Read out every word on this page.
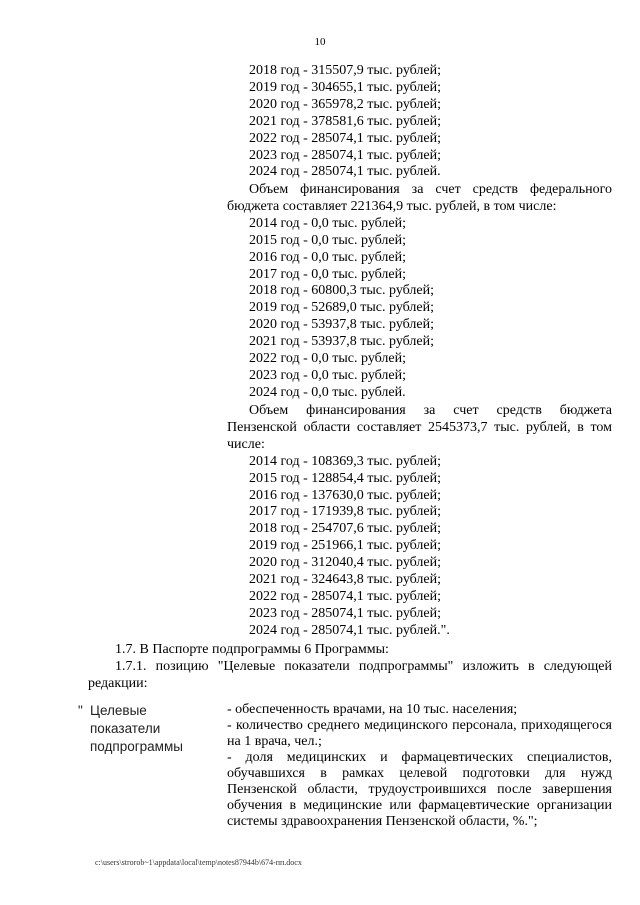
10
2018 год - 315507,9 тыс. рублей;
2019 год - 304655,1 тыс. рублей;
2020 год - 365978,2 тыс. рублей;
2021 год - 378581,6 тыс. рублей;
2022 год - 285074,1 тыс. рублей;
2023 год - 285074,1 тыс. рублей;
2024 год - 285074,1 тыс. рублей.
Объем финансирования за счет средств федерального бюджета составляет 221364,9 тыс. рублей, в том числе:
2014 год - 0,0 тыс. рублей;
2015 год - 0,0 тыс. рублей;
2016 год - 0,0 тыс. рублей;
2017 год - 0,0 тыс. рублей;
2018 год - 60800,3 тыс. рублей;
2019 год - 52689,0 тыс. рублей;
2020 год - 53937,8 тыс. рублей;
2021 год - 53937,8 тыс. рублей;
2022 год - 0,0 тыс. рублей;
2023 год - 0,0 тыс. рублей;
2024 год - 0,0 тыс. рублей.
Объем финансирования за счет средств бюджета Пензенской области составляет 2545373,7 тыс. рублей, в том числе:
2014 год - 108369,3 тыс. рублей;
2015 год - 128854,4 тыс. рублей;
2016 год - 137630,0 тыс. рублей;
2017 год - 171939,8 тыс. рублей;
2018 год - 254707,6 тыс. рублей;
2019 год - 251966,1 тыс. рублей;
2020 год - 312040,4 тыс. рублей;
2021 год - 324643,8 тыс. рублей;
2022 год - 285074,1 тыс. рублей;
2023 год - 285074,1 тыс. рублей;
2024 год - 285074,1 тыс. рублей.".
1.7. В Паспорте подпрограммы 6 Программы:
1.7.1. позицию "Целевые показатели подпрограммы" изложить в следующей редакции:
" Целевые
показатели
подпрограммы
- обеспеченность врачами, на 10 тыс. населения;
- количество среднего медицинского персонала, приходящегося на 1 врача, чел.;
- доля медицинских и фармацевтических специалистов, обучавшихся в рамках целевой подготовки для нужд Пензенской области, трудоустроившихся после завершения обучения в медицинские или фармацевтические организации системы здравоохранения Пензенской области, %.";
c:\users\strorob~1\appdata\local\temp\notes87944b\674-пп.docx
